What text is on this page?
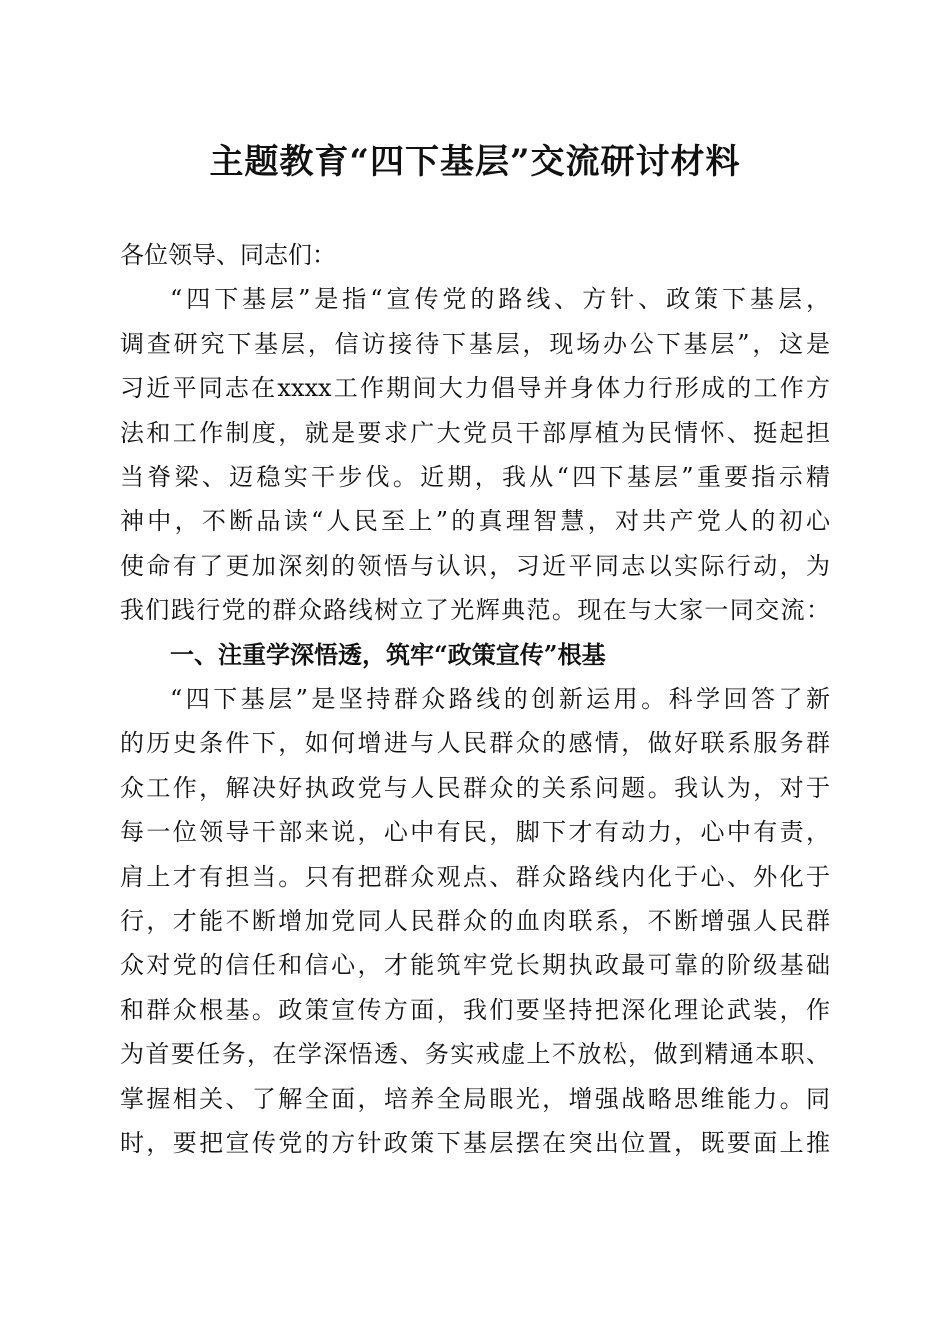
主题教育“四下基层”交流研讨材料
各位领导、同志们：
“四下基层”是指“宣传党的路线、方针、政策下基层，
调查研究下基层，信访接待下基层，现场办公下基层”，这是
习近平同志在xxxx工作期间大力倡导并身体力行形成的工作方
法和工作制度，就是要求广大党员干部厚植为民情怀、挺起担
当脊梁、迈稳实干步伐。近期，我从“四下基层”重要指示精
神中，不断品读“人民至上”的真理智慧，对共产党人的初心
使命有了更加深刻的领悟与认识，习近平同志以实际行动，为
我们践行党的群众路线树立了光辉典范。现在与大家一同交流：
一、注重学深悟透，筑牢“政策宣传”根基
“四下基层”是坚持群众路线的创新运用。科学回答了新
的历史条件下，如何增进与人民群众的感情，做好联系服务群
众工作，解决好执政党与人民群众的关系问题。我认为，对于
每一位领导干部来说，心中有民，脚下才有动力，心中有责，
肩上才有担当。只有把群众观点、群众路线内化于心、外化于
行，才能不断增加党同人民群众的血肉联系，不断增强人民群
众对党的信任和信心，才能筑牢党长期执政最可靠的阶级基础
和群众根基。政策宣传方面，我们要坚持把深化理论武装，作
为首要任务，在学深悟透、务实戒虚上不放松，做到精通本职、
掌握相关、了解全面，培养全局眼光，增强战略思维能力。同
时，要把宣传党的方针政策下基层摆在突出位置，既要面上推
